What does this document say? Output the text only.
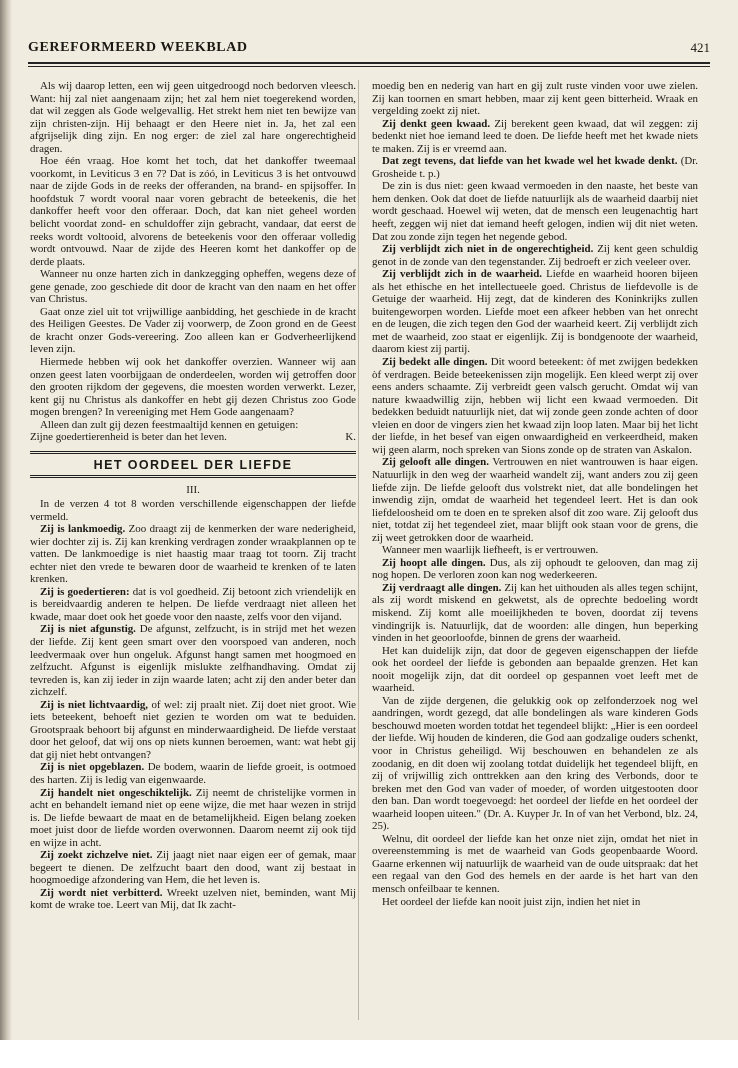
GEREFORMEERD WEEKBLAD	421

Als wij daarop letten, een wij geen uitgedroogd noch bedorven vleesch. Want: hij zal niet aangenaam zijn; het zal hem niet toegerekend worden, dat wil zeggen als Gode welgevallig. Het strekt hem niet ten bewijze van zijn christen-zijn. Hij behaagt er den Heere niet in. Ja, het zal een afgrijselijk ding zijn. En nog erger: de ziel zal hare ongerechtigheid dragen.

Hoe één vraag. Hoe komt het toch, dat het dankoffer tweemaal voorkomt, in Leviticus 3 en 7? Dat is zóó, in Leviticus 3 is het ontvouwd naar de zijde Gods in de reeks der offeranden, na brand- en spijsoffer. In hoofdstuk 7 wordt vooral naar voren gebracht de beteekenis, die het dankoffer heeft voor den offeraar. Doch, dat kan niet geheel worden belicht voordat zond- en schuldoffer zijn gebracht, vandaar, dat eerst de reeks wordt voltooid, alvorens de beteekenis voor den offeraar volledig wordt ontvouwd. Naar de zijde des Heeren komt het dankoffer op de derde plaats.

Wanneer nu onze harten zich in dankzegging opheffen, wegens deze of gene genade, zoo geschiede dit door de kracht van den naam en het offer van Christus.

Gaat onze ziel uit tot vrijwillige aanbidding, het geschiede in de kracht des Heiligen Geestes. De Vader zij voorwerp, de Zoon grond en de Geest de kracht onzer Gods-vereering. Zoo alleen kan er Godverheerlijkend leven zijn.

Hiermede hebben wij ook het dankoffer overzien. Wanneer wij aan onzen geest laten voorbijgaan de onderdeelen, worden wij getroffen door den grooten rijkdom der gegevens, die moesten worden verwerkt. Lezer, kent gij nu Christus als dankoffer en hebt gij dezen Christus zoo Gode mogen brengen? In vereeniging met Hem Gode aangenaam?

Alleen dan zult gij dezen feestmaaltijd kennen en getuigen:

Zijne goedertierenheid is beter dan het leven.	K.

HET OORDEEL DER LIEFDE

III.

In de verzen 4 tot 8 worden verschillende eigenschappen der liefde vermeld.

Zij is lankmoedig. Zoo draagt zij de kenmerken der ware nederigheid, wier dochter zij is. Zij kan krenking verdragen zonder wraakplannen op te vatten. De lankmoedige is niet haastig maar traag tot toorn. Zij tracht echter niet den vrede te bewaren door de waarheid te krenken of te laten krenken.

Zij is goedertieren: dat is vol goedheid. Zij betoont zich vriendelijk en is bereidvaardig anderen te helpen. De liefde verdraagt niet alleen het kwade, maar doet ook het goede voor den naaste, zelfs voor den vijand.

Zij is niet afgunstig. De afgunst, zelfzucht, is in strijd met het wezen der liefde. Zij kent geen smart over den voorspoed van anderen, noch leedvermaak over hun ongeluk. Afgunst hangt samen met hoogmoed en zelfzucht. Afgunst is eigenlijk mislukte zelfhandhaving. Omdat zij tevreden is, kan zij ieder in zijn waarde laten; acht zij den ander beter dan zichzelf.

Zij is niet lichtvaardig, of wel: zij praalt niet. Zij doet niet groot. Wie iets beteekent, behoeft niet gezien te worden om wat te beduiden. Grootspraak behoort bij afgunst en minderwaardigheid. De liefde verstaat door het geloof, dat wij ons op niets kunnen beroemen, want: wat hebt gij dat gij niet hebt ontvangen?

Zij is niet opgeblazen. De bodem, waarin de liefde groeit, is ootmoed des harten. Zij is ledig van eigenwaarde.

Zij handelt niet ongeschiktelijk. Zij neemt de christelijke vormen in acht en behandelt iemand niet op eene wijze, die met haar wezen in strijd is. De liefde bewaart de maat en de betamelijkheid. Eigen belang zoeken moet juist door de liefde worden overwonnen. Daarom neemt zij ook tijd en wijze in acht.

Zij zoekt zichzelve niet. Zij jaagt niet naar eigen eer of gemak, maar begeert te dienen. De zelfzucht baart den dood, want zij bestaat in hoogmoedige afzondering van Hem, die het leven is.

Zij wordt niet verbitterd. Wreekt uzelven niet, beminden, want Mij komt de wrake toe. Leert van Mij, dat Ik zacht-

moedig ben en nederig van hart en gij zult ruste vinden voor uwe zielen. Zij kan toornen en smart hebben, maar zij kent geen bitterheid. Wraak en vergelding zoekt zij niet.

Zij denkt geen kwaad. Zij berekent geen kwaad, dat wil zeggen: zij bedenkt niet hoe iemand leed te doen. De liefde heeft met het kwade niets te maken. Zij is er vreemd aan.

Dat zegt tevens, dat liefde van het kwade wel het kwade denkt. (Dr. Grosheide t. p.)

De zin is dus niet: geen kwaad vermoeden in den naaste, het beste van hem denken. Ook dat doet de liefde natuurlijk als de waarheid daarbij niet wordt geschaad. Hoewel wij weten, dat de mensch een leugenachtig hart heeft, zeggen wij niet dat iemand heeft gelogen, indien wij dit niet weten. Dat zou zonde zijn tegen het negende gebod.

Zij verblijdt zich niet in de ongerechtigheid. Zij kent geen schuldig genot in de zonde van den tegenstander. Zij bedroeft er zich veeleer over.

Zij verblijdt zich in de waarheid. Liefde en waarheid hooren bijeen als het ethische en het intellectueele goed. Christus de liefdevolle is de Getuige der waarheid. Hij zegt, dat de kinderen des Koninkrijks zullen buitengeworpen worden. Liefde moet een afkeer hebben van het onrecht en de leugen, die zich tegen den God der waarheid keert. Zij verblijdt zich met de waarheid, zoo staat er eigenlijk. Zij is bondgenoote der waarheid, daarom kiest zij partij.

Zij bedekt alle dingen. Dit woord beteekent: òf met zwijgen bedekken òf verdragen. Beide beteekenissen zijn mogelijk. Een kleed werpt zij over eens anders schaamte. Zij verbreidt geen valsch gerucht. Omdat wij van nature kwaadwillig zijn, hebben wij licht een kwaad vermoeden. Dit bedekken beduidt natuurlijk niet, dat wij zonde geen zonde achten of door vleien en door de vingers zien het kwaad zijn loop laten. Maar bij het licht der liefde, in het besef van eigen onwaardigheid en verkeerdheid, maken wij geen alarm, noch spreken van Sions zonde op de straten van Askalon.

Zij gelooft alle dingen. Vertrouwen en niet wantrouwen is haar eigen. Natuurlijk in den weg der waarheid wandelt zij, want anders zou zij geen liefde zijn. De liefde gelooft dus volstrekt niet, dat alle bondelingen het inwendig zijn, omdat de waarheid het tegendeel leert. Het is dan ook liefdeloosheid om te doen en te spreken alsof dit zoo ware. Zij gelooft dus niet, totdat zij het tegendeel ziet, maar blijft ook staan voor de grens, die zij weet getrokken door de waarheid.

Wanneer men waarlijk liefheeft, is er vertrouwen.

Zij hoopt alle dingen. Dus, als zij ophoudt te gelooven, dan mag zij nog hopen. De verloren zoon kan nog wederkeeren.

Zij verdraagt alle dingen. Zij kan het uithouden als alles tegen schijnt, als zij wordt miskend en gekwetst, als de oprechte bedoeling wordt miskend. Zij komt alle moeilijkheden te boven, doordat zij tevens vindingrijk is. Natuurlijk, dat de woorden: alle dingen, hun beperking vinden in het geoorloofde, binnen de grens der waarheid.

Het kan duidelijk zijn, dat door de gegeven eigenschappen der liefde ook het oordeel der liefde is gebonden aan bepaalde grenzen. Het kan nooit mogelijk zijn, dat dit oordeel op gespannen voet leeft met de waarheid.

Van de zijde dergenen, die gelukkig ook op zelfonderzoek nog wel aandringen, wordt gezegd, dat alle bondelingen als ware kinderen Gods beschouwd moeten worden totdat het tegendeel blijkt: „Hier is een oordeel der liefde. Wij houden de kinderen, die God aan godzalige ouders schenkt, voor in Christus geheiligd. Wij beschouwen en behandelen ze als zoodanig, en dit doen wij zoolang totdat duidelijk het tegendeel blijft, en zij of vrijwillig zich onttrekken aan den kring des Verbonds, door te breken met den God van vader of moeder, of worden uitgestooten door den ban. Dan wordt toegevoegd: het oordeel der liefde en het oordeel der waarheid loopen uiteen." (Dr. A. Kuyper Jr. In of van het Verbond, blz. 24, 25).

Welnu, dit oordeel der liefde kan het onze niet zijn, omdat het niet in overeenstemming is met de waarheid van Gods geopenbaarde Woord. Gaarne erkennen wij natuurlijk de waarheid van de oude uitspraak: dat het een regaal van den God des hemels en der aarde is het hart van den mensch onfeilbaar te kennen.

Het oordeel der liefde kan nooit juist zijn, indien het niet in
